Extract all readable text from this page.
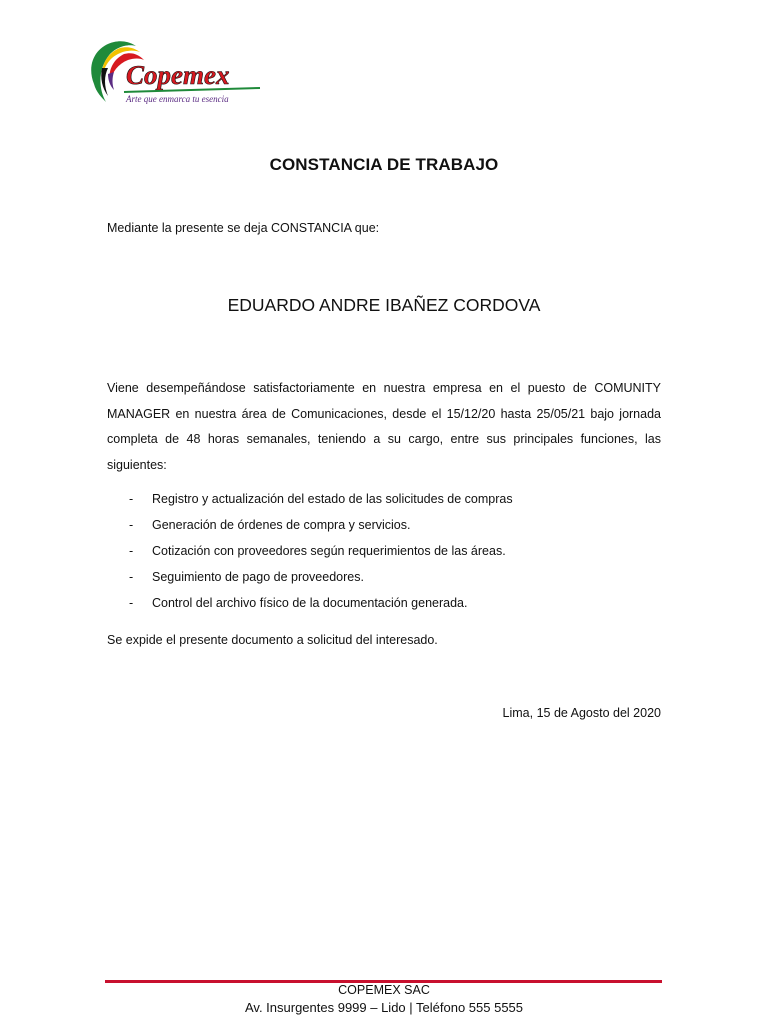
Copemex
Arte que enmarca tu esencia
CONSTANCIA DE TRABAJO
Mediante la presente se deja CONSTANCIA que:
EDUARDO ANDRE IBAÑEZ CORDOVA
Viene desempeñándose satisfactoriamente en nuestra empresa en el puesto de COMUNITY MANAGER en nuestra área de Comunicaciones, desde el 15/12/20 hasta 25/05/21 bajo jornada completa de 48 horas semanales, teniendo a su cargo, entre sus principales funciones, las siguientes:
-	Registro y actualización del estado de las solicitudes de compras
-	Generación de órdenes de compra y servicios.
-	Cotización con proveedores según requerimientos de las áreas.
-	Seguimiento de pago de proveedores.
-	Control del archivo físico de la documentación generada.
Se expide el presente documento a solicitud del interesado.
Lima, 15 de Agosto del 2020
COPEMEX SAC
Av. Insurgentes 9999 – Lido | Teléfono 555 5555
